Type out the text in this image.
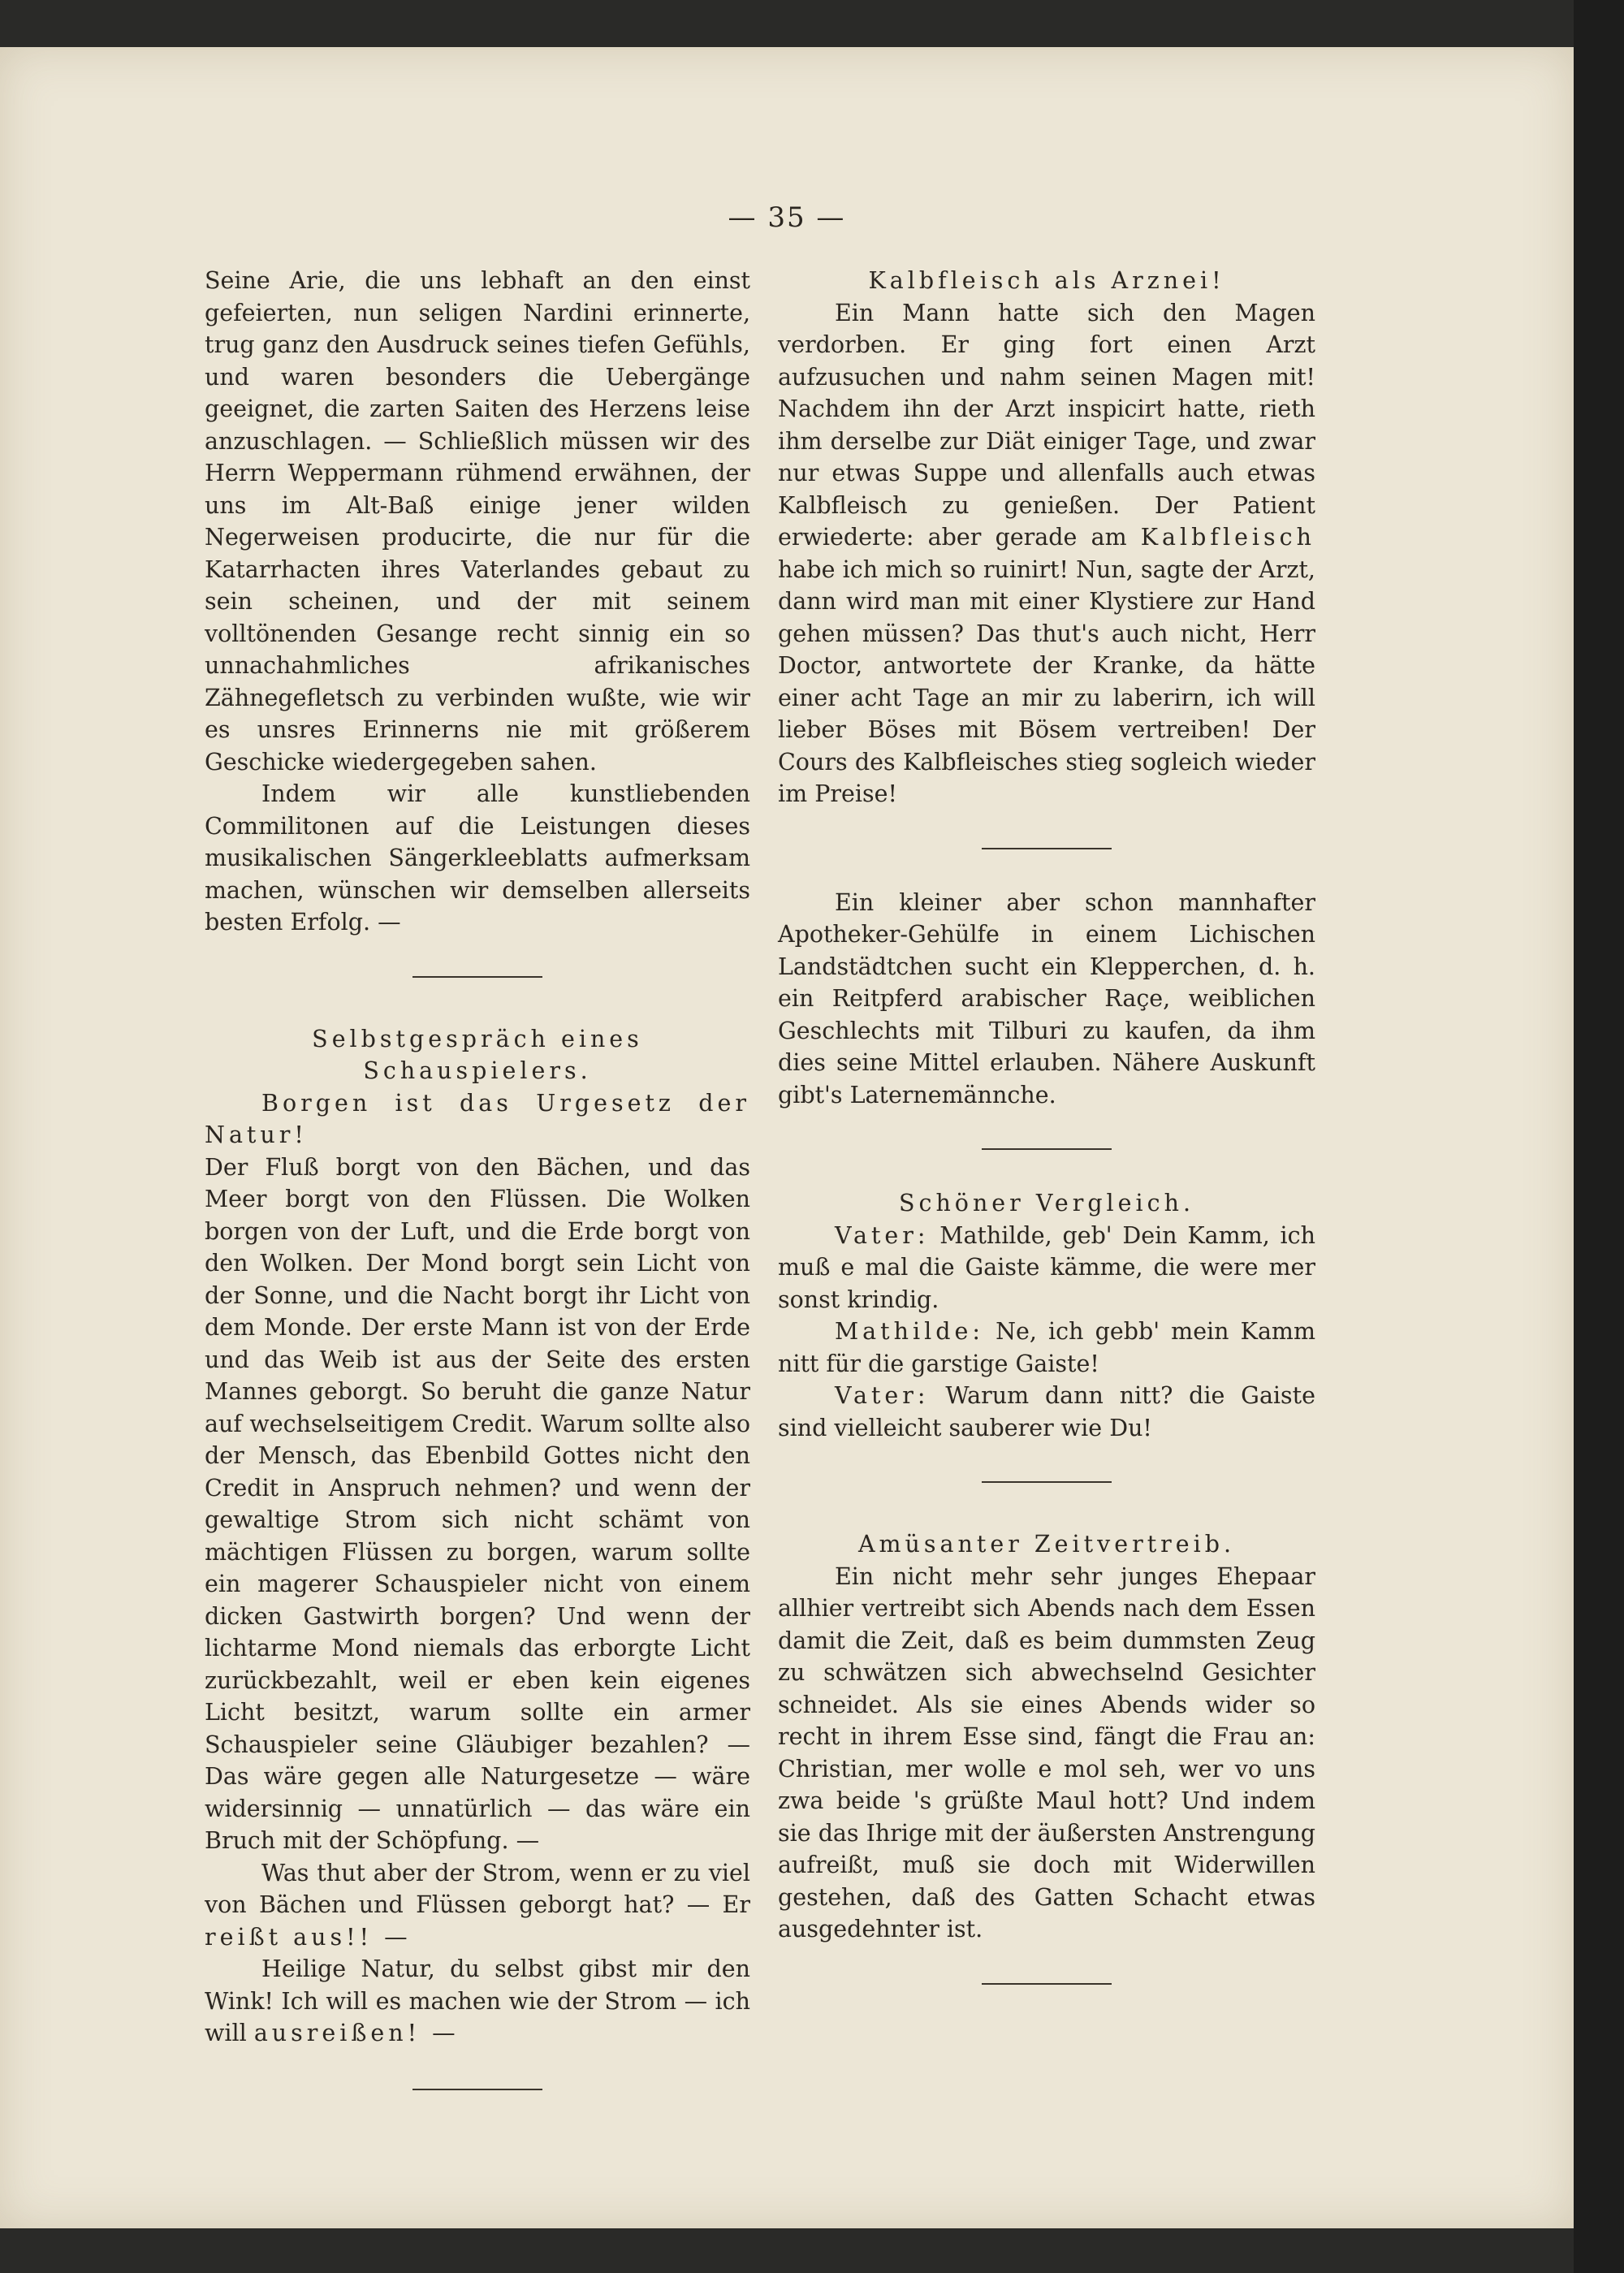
— 35 —

Seine Arie, die uns lebhaft an den einst gefeierten, nun seligen Nardini erinnerte, trug ganz den Ausdruck seines tiefen Gefühls, und waren besonders die Uebergänge geeignet, die zarten Saiten des Herzens leise anzuschlagen. — Schließlich müssen wir des Herrn Weppermann rühmend erwähnen, der uns im Alt-Baß einige jener wilden Negerweisen producirte, die nur für die Katarrhacten ihres Vaterlandes gebaut zu sein scheinen, und der mit seinem volltönenden Gesange recht sinnig ein so unnachahmliches afrikanisches Zähnegefletsch zu verbinden wußte, wie wir es unsres Erinnerns nie mit größerem Geschicke wiedergegeben sahen.

Indem wir alle kunstliebenden Commilitonen auf die Leistungen dieses musikalischen Sängerkleeblatts aufmerksam machen, wünschen wir demselben allerseits besten Erfolg. —

Selbstgespräch eines Schauspielers.

Borgen ist das Urgesetz der Natur!

Der Fluß borgt von den Bächen, und das Meer borgt von den Flüssen. Die Wolken borgen von der Luft, und die Erde borgt von den Wolken. Der Mond borgt sein Licht von der Sonne, und die Nacht borgt ihr Licht von dem Monde. Der erste Mann ist von der Erde und das Weib ist aus der Seite des ersten Mannes geborgt. So beruht die ganze Natur auf wechselseitigem Credit. Warum sollte also der Mensch, das Ebenbild Gottes nicht den Credit in Anspruch nehmen? und wenn der gewaltige Strom sich nicht schämt von mächtigen Flüssen zu borgen, warum sollte ein magerer Schauspieler nicht von einem dicken Gastwirth borgen? Und wenn der lichtarme Mond niemals das erborgte Licht zurückbezahlt, weil er eben kein eigenes Licht besitzt, warum sollte ein armer Schauspieler seine Gläubiger bezahlen? — Das wäre gegen alle Naturgesetze — wäre widersinnig — unnatürlich — das wäre ein Bruch mit der Schöpfung. —

Was thut aber der Strom, wenn er zu viel von Bächen und Flüssen geborgt hat? — Er reißt aus!! —

Heilige Natur, du selbst gibst mir den Wink! Ich will es machen wie der Strom — ich will ausreißen! —

Kalbfleisch als Arznei!

Ein Mann hatte sich den Magen verdorben. Er ging fort einen Arzt aufzusuchen und nahm seinen Magen mit! Nachdem ihn der Arzt inspicirt hatte, rieth ihm derselbe zur Diät einiger Tage, und zwar nur etwas Suppe und allenfalls auch etwas Kalbfleisch zu genießen. Der Patient erwiederte: aber gerade am Kalbfleisch habe ich mich so ruinirt! Nun, sagte der Arzt, dann wird man mit einer Klystiere zur Hand gehen müssen? Das thut's auch nicht, Herr Doctor, antwortete der Kranke, da hätte einer acht Tage an mir zu laberirn, ich will lieber Böses mit Bösem vertreiben! Der Cours des Kalbfleisches stieg sogleich wieder im Preise!

Ein kleiner aber schon mannhafter Apotheker-Gehülfe in einem Lichischen Landstädtchen sucht ein Klepperchen, d. h. ein Reitpferd arabischer Raçe, weiblichen Geschlechts mit Tilburi zu kaufen, da ihm dies seine Mittel erlauben. Nähere Auskunft gibt's Laternemännche.

Schöner Vergleich.

Vater: Mathilde, geb' Dein Kamm, ich muß e mal die Gaiste kämme, die were mer sonst krindig.

Mathilde: Ne, ich gebb' mein Kamm nitt für die garstige Gaiste!

Vater: Warum dann nitt? die Gaiste sind vielleicht sauberer wie Du!

Amüsanter Zeitvertreib.

Ein nicht mehr sehr junges Ehepaar allhier vertreibt sich Abends nach dem Essen damit die Zeit, daß es beim dummsten Zeug zu schwätzen sich abwechselnd Gesichter schneidet. Als sie eines Abends wider so recht in ihrem Esse sind, fängt die Frau an: Christian, mer wolle e mol seh, wer vo uns zwa beide 's grüßte Maul hott? Und indem sie das Ihrige mit der äußersten Anstrengung aufreißt, muß sie doch mit Widerwillen gestehen, daß des Gatten Schacht etwas ausgedehnter ist.
